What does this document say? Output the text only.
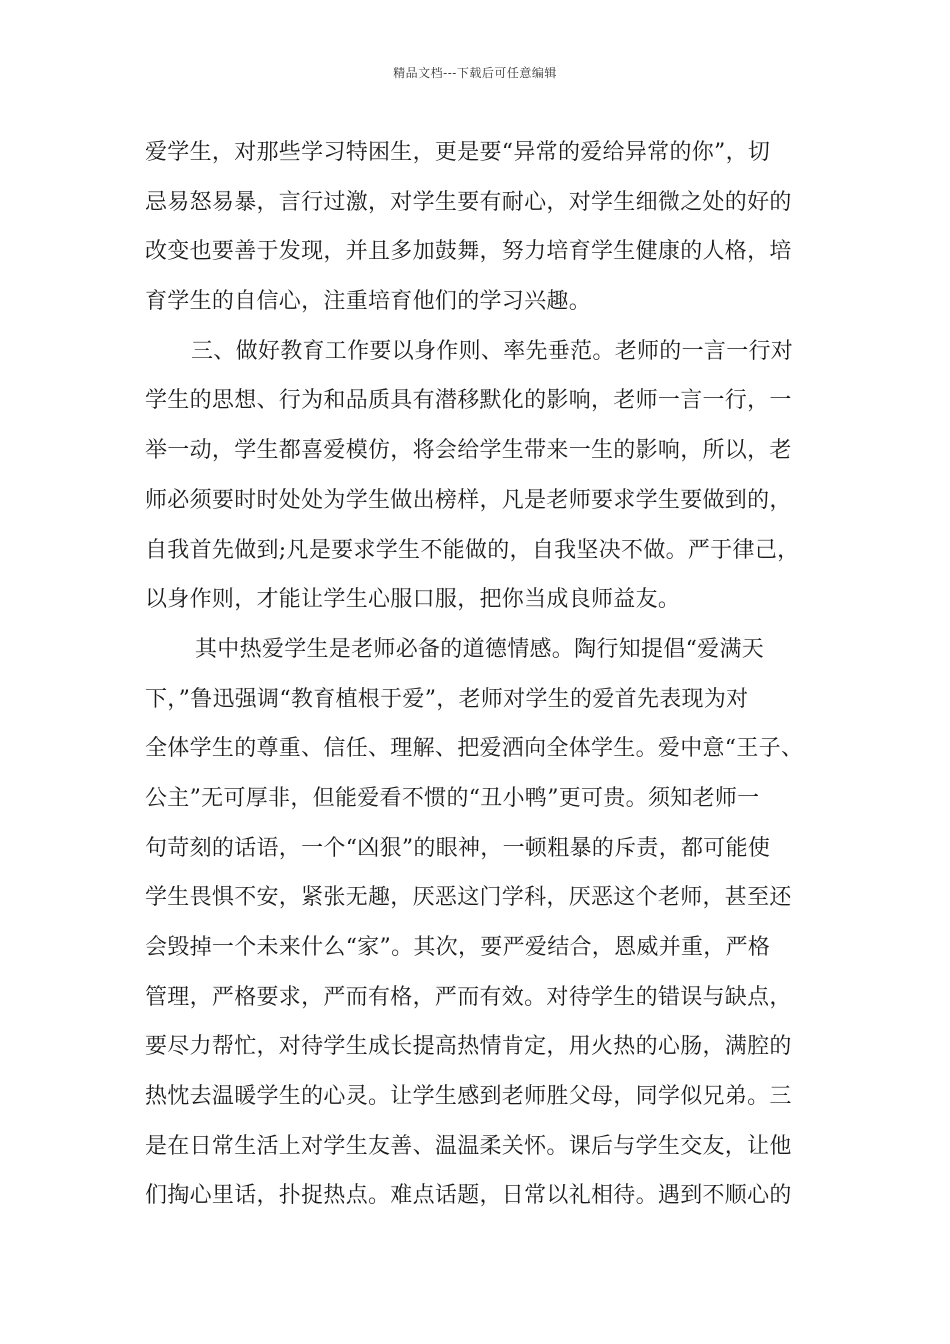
精品文档---下载后可任意编辑
爱学生，对那些学习特困生，更是要“异常的爱给异常的你”，切
忌易怒易暴，言行过激，对学生要有耐心，对学生细微之处的好的
改变也要善于发现，并且多加鼓舞，努力培育学生健康的人格，培
育学生的自信心，注重培育他们的学习兴趣。
三、做好教育工作要以身作则、率先垂范。老师的一言一行对
学生的思想、行为和品质具有潜移默化的影响，老师一言一行，一
举一动，学生都喜爱模仿，将会给学生带来一生的影响，所以，老
师必须要时时处处为学生做出榜样，凡是老师要求学生要做到的，
自我首先做到;凡是要求学生不能做的，自我坚决不做。严于律己，
以身作则，才能让学生心服口服，把你当成良师益友。
其中热爱学生是老师必备的道德情感。陶行知提倡“爱满天
下，”鲁迅强调“教育植根于爱”，老师对学生的爱首先表现为对
全体学生的尊重、信任、理解、把爱洒向全体学生。爱中意“王子、
公主”无可厚非，但能爱看不惯的“丑小鸭”更可贵。须知老师一
句苛刻的话语，一个“凶狠”的眼神，一顿粗暴的斥责，都可能使
学生畏惧不安，紧张无趣，厌恶这门学科，厌恶这个老师，甚至还
会毁掉一个未来什么“家”。其次，要严爱结合，恩威并重，严格
管理，严格要求，严而有格，严而有效。对待学生的错误与缺点，
要尽力帮忙，对待学生成长提高热情肯定，用火热的心肠，满腔的
热忱去温暖学生的心灵。让学生感到老师胜父母，同学似兄弟。三
是在日常生活上对学生友善、温温柔关怀。课后与学生交友，让他
们掏心里话，扑捉热点。难点话题，日常以礼相待。遇到不顺心的
